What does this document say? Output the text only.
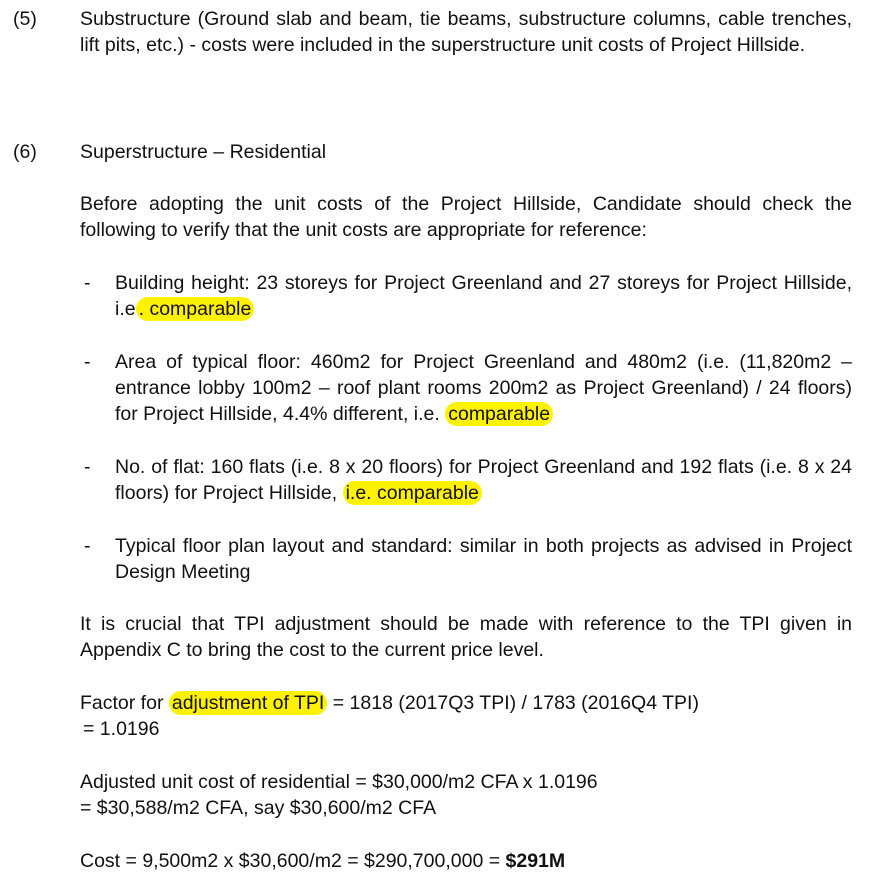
(5)	Substructure (Ground slab and beam, tie beams, substructure columns, cable trenches, lift pits, etc.) - costs were included in the superstructure unit costs of Project Hillside.

(6)	Superstructure – Residential

Before adopting the unit costs of the Project Hillside, Candidate should check the following to verify that the unit costs are appropriate for reference:

- Building height: 23 storeys for Project Greenland and 27 storeys for Project Hillside, i.e . comparable

- Area of typical floor: 460m2 for Project Greenland and 480m2 (i.e. (11,820m2 – entrance lobby 100m2 – roof plant rooms 200m2 as Project Greenland) / 24 floors) for Project Hillside, 4.4% different, i.e. comparable

- No. of flat: 160 flats (i.e. 8 x 20 floors) for Project Greenland and 192 flats (i.e. 8 x 24 floors) for Project Hillside, i.e. comparable

- Typical floor plan layout and standard: similar in both projects as advised in Project Design Meeting

It is crucial that TPI adjustment should be made with reference to the TPI given in Appendix C to bring the cost to the current price level.

Factor for adjustment of TPI = 1818 (2017Q3 TPI) / 1783 (2016Q4 TPI)

= 1.0196

Adjusted unit cost of residential = $30,000/m2 CFA x 1.0196

= $30,588/m2 CFA, say $30,600/m2 CFA

Cost = 9,500m2 x $30,600/m2 = $290,700,000 = $291M
